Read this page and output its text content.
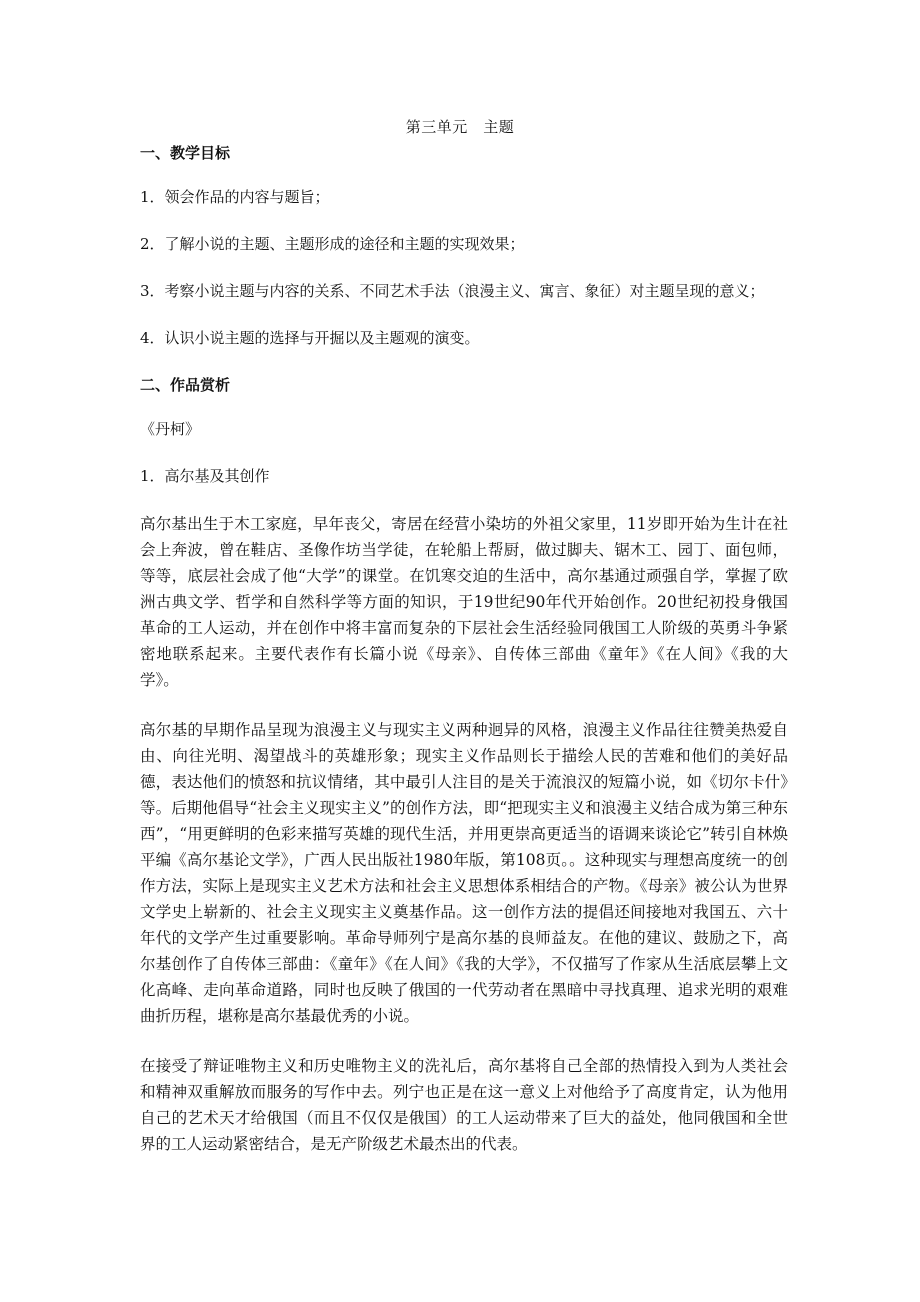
第三单元　主题
一、教学目标
1．领会作品的内容与题旨；
2．了解小说的主题、主题形成的途径和主题的实现效果；
3．考察小说主题与内容的关系、不同艺术手法（浪漫主义、寓言、象征）对主题呈现的意义；
4．认识小说主题的选择与开掘以及主题观的演变。
二、作品赏析
《丹柯》
1．高尔基及其创作

高尔基出生于木工家庭，早年丧父，寄居在经营小染坊的外祖父家里，11岁即开始为生计在社会上奔波，曾在鞋店、圣像作坊当学徒，在轮船上帮厨，做过脚夫、锯木工、园丁、面包师，等等，底层社会成了他“大学”的课堂。在饥寒交迫的生活中，高尔基通过顽强自学，掌握了欧洲古典文学、哲学和自然科学等方面的知识，于19世纪90年代开始创作。20世纪初投身俄国革命的工人运动，并在创作中将丰富而复杂的下层社会生活经验同俄国工人阶级的英勇斗争紧密地联系起来。主要代表作有长篇小说《母亲》、自传体三部曲《童年》《在人间》《我的大学》。

高尔基的早期作品呈现为浪漫主义与现实主义两种迥异的风格，浪漫主义作品往往赞美热爱自由、向往光明、渴望战斗的英雄形象；现实主义作品则长于描绘人民的苦难和他们的美好品德，表达他们的愤怒和抗议情绪，其中最引人注目的是关于流浪汉的短篇小说，如《切尔卡什》等。后期他倡导“社会主义现实主义”的创作方法，即“把现实主义和浪漫主义结合成为第三种东西”，“用更鲜明的色彩来描写英雄的现代生活，并用更崇高更适当的语调来谈论它”转引自林焕平编《高尔基论文学》，广西人民出版社1980年版，第108页。。这种现实与理想高度统一的创作方法，实际上是现实主义艺术方法和社会主义思想体系相结合的产物。《母亲》被公认为世界文学史上崭新的、社会主义现实主义奠基作品。这一创作方法的提倡还间接地对我国五、六十年代的文学产生过重要影响。革命导师列宁是高尔基的良师益友。在他的建议、鼓励之下，高尔基创作了自传体三部曲：《童年》《在人间》《我的大学》，不仅描写了作家从生活底层攀上文化高峰、走向革命道路，同时也反映了俄国的一代劳动者在黑暗中寻找真理、追求光明的艰难曲折历程，堪称是高尔基最优秀的小说。

在接受了辩证唯物主义和历史唯物主义的洗礼后，高尔基将自己全部的热情投入到为人类社会和精神双重解放而服务的写作中去。列宁也正是在这一意义上对他给予了高度肯定，认为他用自己的艺术天才给俄国（而且不仅仅是俄国）的工人运动带来了巨大的益处，他同俄国和全世界的工人运动紧密结合，是无产阶级艺术最杰出的代表。
